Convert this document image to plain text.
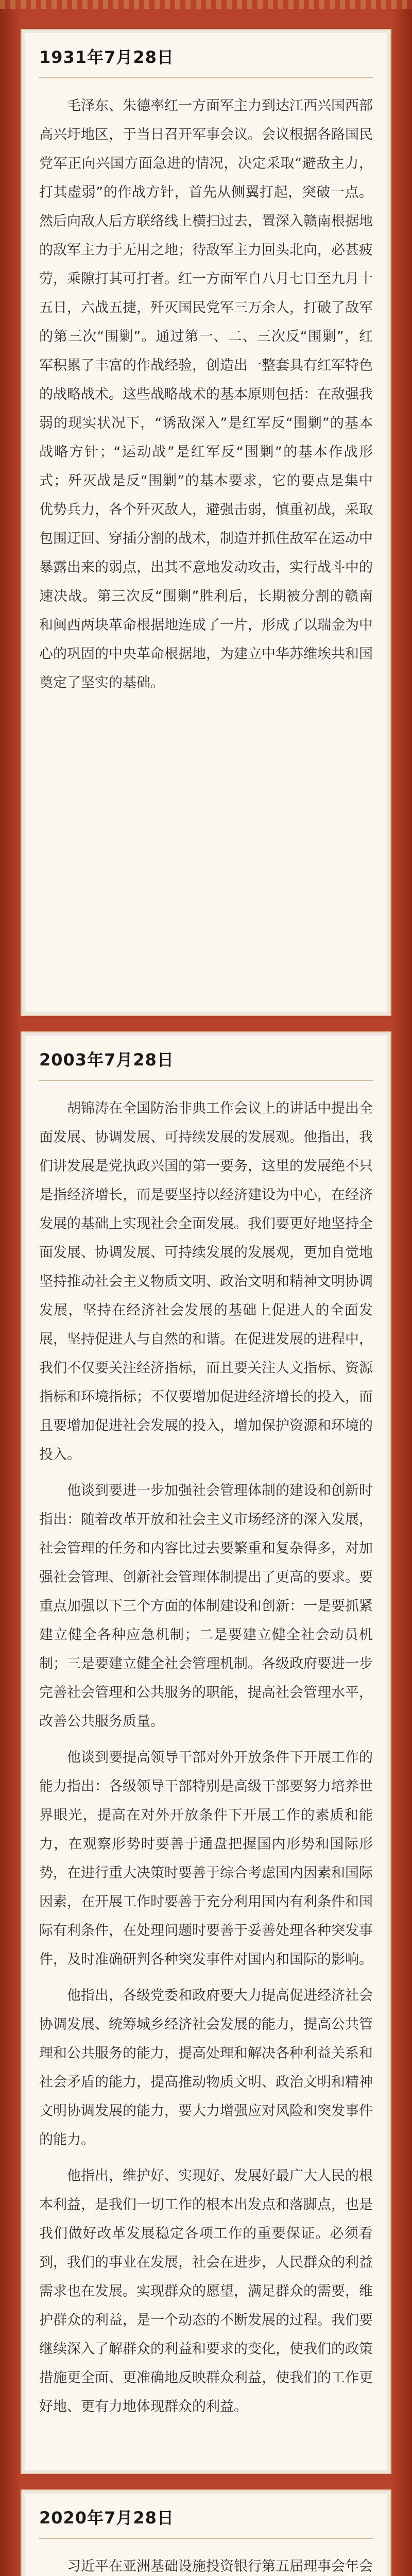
1931年7月28日

毛泽东、朱德率红一方面军主力到达江西兴国西部高兴圩地区，于当日召开军事会议。会议根据各路国民党军正向兴国方面急进的情况，决定采取“避敌主力，打其虚弱”的作战方针，首先从侧翼打起，突破一点。然后向敌人后方联络线上横扫过去，置深入赣南根据地的敌军主力于无用之地；待敌军主力回头北向，必甚疲劳，乘隙打其可打者。红一方面军自八月七日至九月十五日，六战五捷，歼灭国民党军三万余人，打破了敌军的第三次“围剿”。通过第一、二、三次反“围剿”，红军积累了丰富的作战经验，创造出一整套具有红军特色的战略战术。这些战略战术的基本原则包括：在敌强我弱的现实状况下，“诱敌深入”是红军反“围剿”的基本战略方针；“运动战”是红军反“围剿”的基本作战形式；歼灭战是反“围剿”的基本要求，它的要点是集中优势兵力，各个歼灭敌人，避强击弱，慎重初战，采取包围迂回、穿插分割的战术，制造并抓住敌军在运动中暴露出来的弱点，出其不意地发动攻击，实行战斗中的速决战。第三次反“围剿”胜利后，长期被分割的赣南和闽西两块革命根据地连成了一片，形成了以瑞金为中心的巩固的中央革命根据地，为建立中华苏维埃共和国奠定了坚实的基础。

2003年7月28日

胡锦涛在全国防治非典工作会议上的讲话中提出全面发展、协调发展、可持续发展的发展观。他指出，我们讲发展是党执政兴国的第一要务，这里的发展绝不只是指经济增长，而是要坚持以经济建设为中心，在经济发展的基础上实现社会全面发展。我们要更好地坚持全面发展、协调发展、可持续发展的发展观，更加自觉地坚持推动社会主义物质文明、政治文明和精神文明协调发展，坚持在经济社会发展的基础上促进人的全面发展，坚持促进人与自然的和谐。在促进发展的进程中，我们不仅要关注经济指标，而且要关注人文指标、资源指标和环境指标；不仅要增加促进经济增长的投入，而且要增加促进社会发展的投入，增加保护资源和环境的投入。

他谈到要进一步加强社会管理体制的建设和创新时指出：随着改革开放和社会主义市场经济的深入发展，社会管理的任务和内容比过去要繁重和复杂得多，对加强社会管理、创新社会管理体制提出了更高的要求。要重点加强以下三个方面的体制建设和创新：一是要抓紧建立健全各种应急机制；二是要建立健全社会动员机制；三是要建立健全社会管理机制。各级政府要进一步完善社会管理和公共服务的职能，提高社会管理水平，改善公共服务质量。

他谈到要提高领导干部对外开放条件下开展工作的能力指出：各级领导干部特别是高级干部要努力培养世界眼光，提高在对外开放条件下开展工作的素质和能力，在观察形势时要善于通盘把握国内形势和国际形势，在进行重大决策时要善于综合考虑国内因素和国际因素，在开展工作时要善于充分利用国内有利条件和国际有利条件，在处理问题时要善于妥善处理各种突发事件，及时准确研判各种突发事件对国内和国际的影响。

他指出，各级党委和政府要大力提高促进经济社会协调发展、统筹城乡经济社会发展的能力，提高公共管理和公共服务的能力，提高处理和解决各种利益关系和社会矛盾的能力，提高推动物质文明、政治文明和精神文明协调发展的能力，要大力增强应对风险和突发事件的能力。

他指出，维护好、实现好、发展好最广大人民的根本利益，是我们一切工作的根本出发点和落脚点，也是我们做好改革发展稳定各项工作的重要保证。必须看到，我们的事业在发展，社会在进步，人民群众的利益需求也在发展。实现群众的愿望，满足群众的需要，维护群众的利益，是一个动态的不断发展的过程。我们要继续深入了解群众的利益和要求的变化，使我们的政策措施更全面、更准确地反映群众利益，使我们的工作更好地、更有力地体现群众的利益。

2020年7月28日

习近平在亚洲基础设施投资银行第五届理事会年会
